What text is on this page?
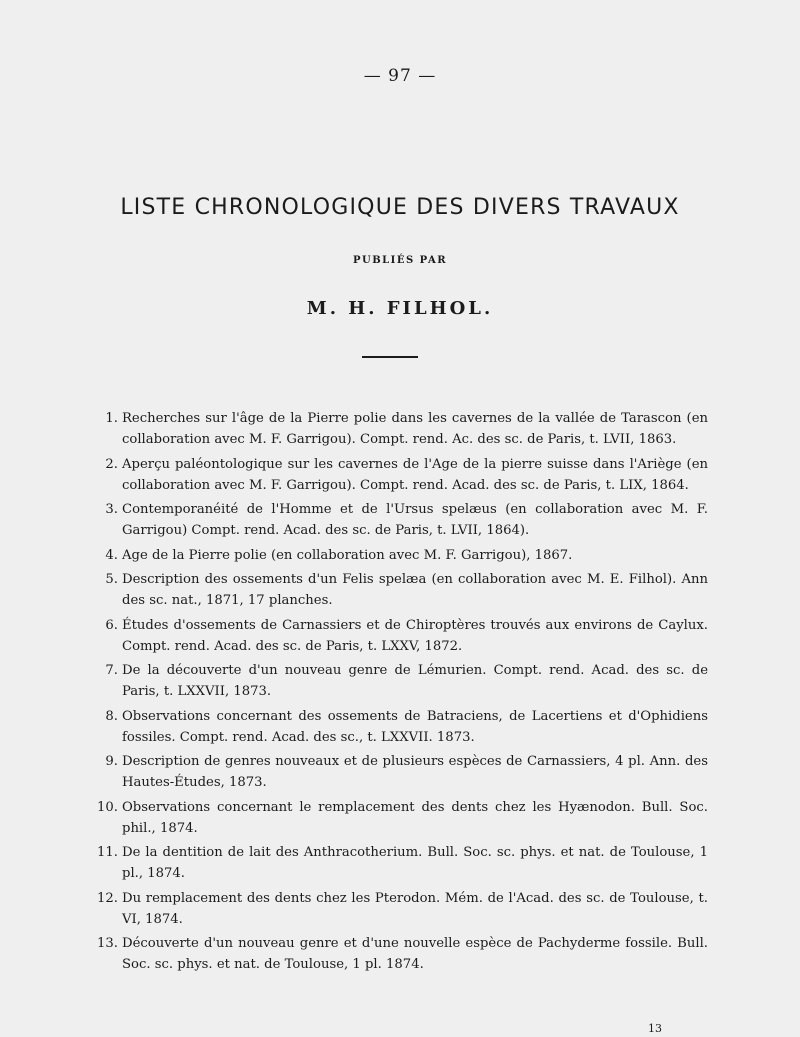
— 97 —
LISTE CHRONOLOGIQUE DES DIVERS TRAVAUX
PUBLIÉS PAR
M. H. FILHOL.
1. Recherches sur l'âge de la Pierre polie dans les cavernes de la vallée de Tarascon (en collaboration avec M. F. Garrigou). Compt. rend. Ac. des sc. de Paris, t. LVII, 1863.
2. Aperçu paléontologique sur les cavernes de l'Age de la pierre suisse dans l'Ariège (en collaboration avec M. F. Garrigou). Compt. rend. Acad. des sc. de Paris, t. LIX, 1864.
3. Contemporanéité de l'Homme et de l'Ursus spelæus (en collaboration avec M. F. Garrigou) Compt. rend. Acad. des sc. de Paris, t. LVII, 1864).
4. Age de la Pierre polie (en collaboration avec M. F. Garrigou), 1867.
5. Description des ossements d'un Felis spelæa (en collaboration avec M. E. Filhol). Ann des sc. nat., 1871, 17 planches.
6. Études d'ossements de Carnassiers et de Chiroptères trouvés aux environs de Caylux. Compt. rend. Acad. des sc. de Paris, t. LXXV, 1872.
7. De la découverte d'un nouveau genre de Lémurien. Compt. rend. Acad. des sc. de Paris, t. LXXVII, 1873.
8. Observations concernant des ossements de Batraciens, de Lacertiens et d'Ophidiens fossiles. Compt. rend. Acad. des sc., t. LXXVII. 1873.
9. Description de genres nouveaux et de plusieurs espèces de Carnassiers, 4 pl. Ann. des Hautes-Études, 1873.
10. Observations concernant le remplacement des dents chez les Hyænodon. Bull. Soc. phil., 1874.
11. De la dentition de lait des Anthracotherium. Bull. Soc. sc. phys. et nat. de Toulouse, 1 pl., 1874.
12. Du remplacement des dents chez les Pterodon. Mém. de l'Acad. des sc. de Toulouse, t. VI, 1874.
13. Découverte d'un nouveau genre et d'une nouvelle espèce de Pachyderme fossile. Bull. Soc. sc. phys. et nat. de Toulouse, 1 pl. 1874.
13
